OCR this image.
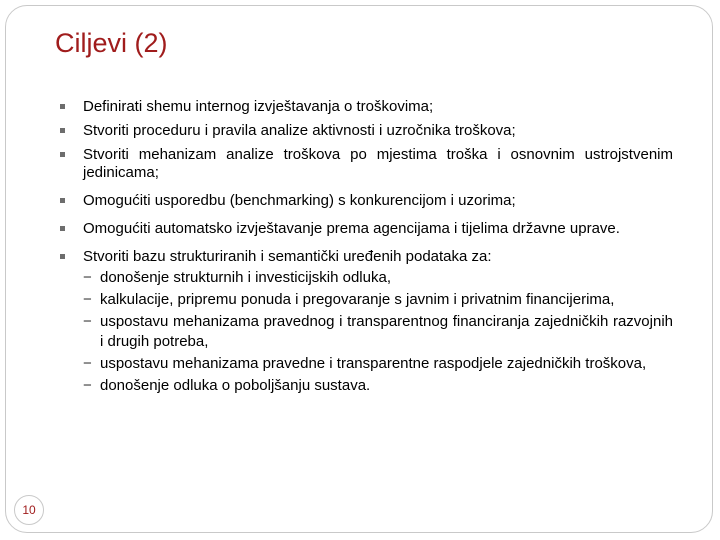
Ciljevi (2)
Definirati shemu internog izvještavanja o troškovima;
Stvoriti proceduru i pravila analize aktivnosti i uzročnika troškova;
Stvoriti mehanizam analize troškova po mjestima troška i osnovnim ustrojstvenim jedinicama;
Omogućiti usporedbu (benchmarking) s konkurencijom i uzorima;
Omogućiti automatsko izvještavanje prema agencijama i tijelima državne uprave.
Stvoriti bazu strukturiranih i semantički uređenih podataka za:
− donošenje strukturnih i investicijskih odluka,
− kalkulacije, pripremu ponuda i pregovaranje s javnim i privatnim financijerima,
− uspostavu mehanizama pravednog i transparentnog financiranja zajedničkih razvojnih i drugih potreba,
− uspostavu mehanizama pravedne i transparentne raspodjele zajedničkih troškova,
− donošenje odluka o poboljšanju sustava.
10
